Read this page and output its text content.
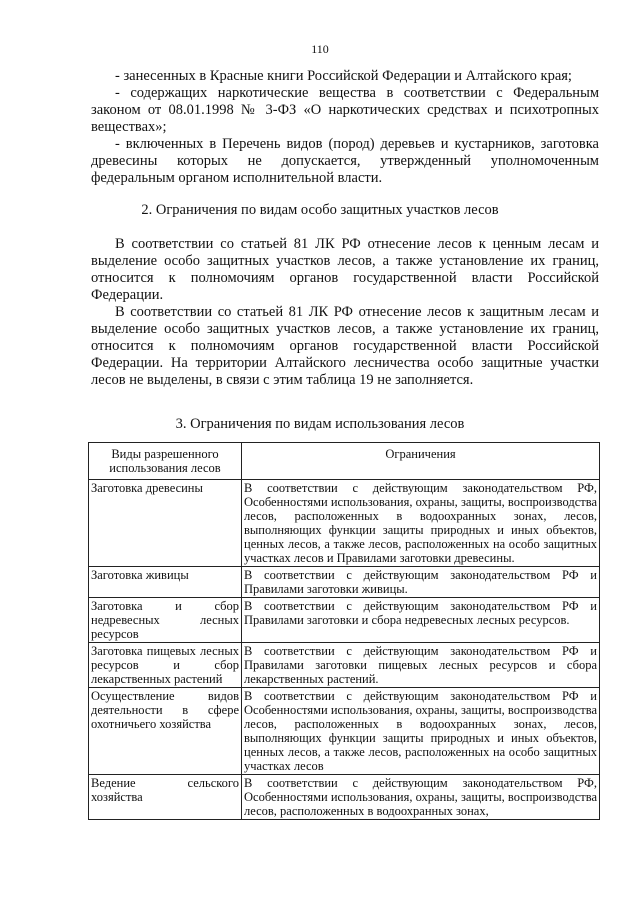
110

- занесенных в Красные книги Российской Федерации и Алтайского края;

- содержащих наркотические вещества в соответствии с Федеральным законом от 08.01.1998 № 3-ФЗ «О наркотических средствах и психотропных веществах»;

- включенных в Перечень видов (пород) деревьев и кустарников, заготовка древесины которых не допускается, утвержденный уполномоченным федеральным органом исполнительной власти.

2. Ограничения по видам особо защитных участков лесов

В соответствии со статьей 81 ЛК РФ отнесение лесов к ценным лесам и выделение особо защитных участков лесов, а также установление их границ, относится к полномочиям органов государственной власти Российской Федерации.

В соответствии со статьей 81 ЛК РФ отнесение лесов к защитным лесам и выделение особо защитных участков лесов, а также установление их границ, относится к полномочиям органов государственной власти Российской Федерации. На территории Алтайского лесничества особо защитные участки лесов не выделены, в связи с этим таблица 19 не заполняется.

3. Ограничения по видам использования лесов
Виды разрешенного использования лесов	Ограничения
Заготовка древесины	В соответствии с действующим законодательством РФ, Особенностями использования, охраны, защиты, воспроизводства лесов, расположенных в водоохранных зонах, лесов, выполняющих функции защиты природных и иных объектов, ценных лесов, а также лесов, расположенных на особо защитных участках лесов и Правилами заготовки древесины.
Заготовка живицы	В соответствии с действующим законодательством РФ и Правилами заготовки живицы.
Заготовка и сбор недревесных лесных ресурсов	В соответствии с действующим законодательством РФ и Правилами заготовки и сбора недревесных лесных ресурсов.
Заготовка пищевых лесных ресурсов и сбор лекарственных растений	В соответствии с действующим законодательством РФ и Правилами заготовки пищевых лесных ресурсов и сбора лекарственных растений.
Осуществление видов деятельности в сфере охотничьего хозяйства	В соответствии с действующим законодательством РФ и Особенностями использования, охраны, защиты, воспроизводства лесов, расположенных в водоохранных зонах, лесов, выполняющих функции защиты природных и иных объектов, ценных лесов, а также лесов, расположенных на особо защитных участках лесов
Ведение сельского хозяйства	В соответствии с действующим законодательством РФ, Особенностями использования, охраны, защиты, воспроизводства лесов, расположенных в водоохранных зонах,
